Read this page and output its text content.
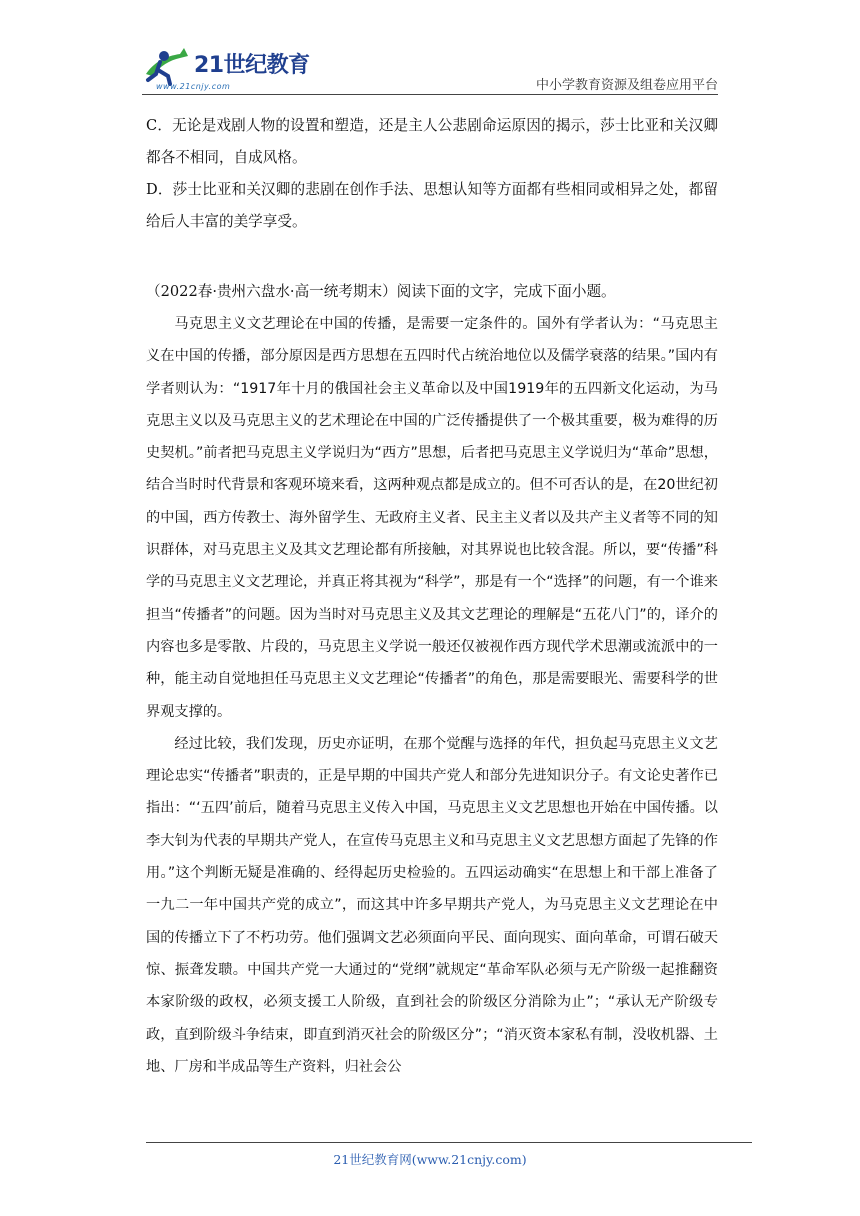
21世纪教育
www.21cnjy.com	中小学教育资源及组卷应用平台

C．无论是戏剧人物的设置和塑造，还是主人公悲剧命运原因的揭示，莎士比亚和关汉卿都各不相同，自成风格。

D．莎士比亚和关汉卿的悲剧在创作手法、思想认知等方面都有些相同或相异之处，都留给后人丰富的美学享受。

（2022春·贵州六盘水·高一统考期末）阅读下面的文字，完成下面小题。

马克思主义文艺理论在中国的传播，是需要一定条件的。国外有学者认为：“马克思主义在中国的传播，部分原因是西方思想在五四时代占统治地位以及儒学衰落的结果。”国内有学者则认为：“1917年十月的俄国社会主义革命以及中国1919年的五四新文化运动，为马克思主义以及马克思主义的艺术理论在中国的广泛传播提供了一个极其重要，极为难得的历史契机。”前者把马克思主义学说归为“西方”思想，后者把马克思主义学说归为“革命”思想，结合当时时代背景和客观环境来看，这两种观点都是成立的。但不可否认的是，在20世纪初的中国，西方传教士、海外留学生、无政府主义者、民主主义者以及共产主义者等不同的知识群体，对马克思主义及其文艺理论都有所接触，对其界说也比较含混。所以，要“传播”科学的马克思主义文艺理论，并真正将其视为“科学”，那是有一个“选择”的问题，有一个谁来担当“传播者”的问题。因为当时对马克思主义及其文艺理论的理解是“五花八门”的，译介的内容也多是零散、片段的，马克思主义学说一般还仅被视作西方现代学术思潮或流派中的一种，能主动自觉地担任马克思主义文艺理论“传播者”的角色，那是需要眼光、需要科学的世界观支撑的。

经过比较，我们发现，历史亦证明，在那个觉醒与选择的年代，担负起马克思主义文艺理论忠实“传播者”职责的，正是早期的中国共产党人和部分先进知识分子。有文论史著作已指出：“‘五四’前后，随着马克思主义传入中国，马克思主义文艺思想也开始在中国传播。以李大钊为代表的早期共产党人，在宣传马克思主义和马克思主义文艺思想方面起了先锋的作用。”这个判断无疑是准确的、经得起历史检验的。五四运动确实“在思想上和干部上准备了一九二一年中国共产党的成立”，而这其中许多早期共产党人，为马克思主义文艺理论在中国的传播立下了不朽功劳。他们强调文艺必须面向平民、面向现实、面向革命，可谓石破天惊、振聋发聩。中国共产党一大通过的“党纲”就规定“革命军队必须与无产阶级一起推翻资本家阶级的政权，必须支援工人阶级，直到社会的阶级区分消除为止”；“承认无产阶级专政，直到阶级斗争结束，即直到消灭社会的阶级区分”；“消灭资本家私有制，没收机器、土地、厂房和半成品等生产资料，归社会公

21世纪教育网(www.21cnjy.com)
